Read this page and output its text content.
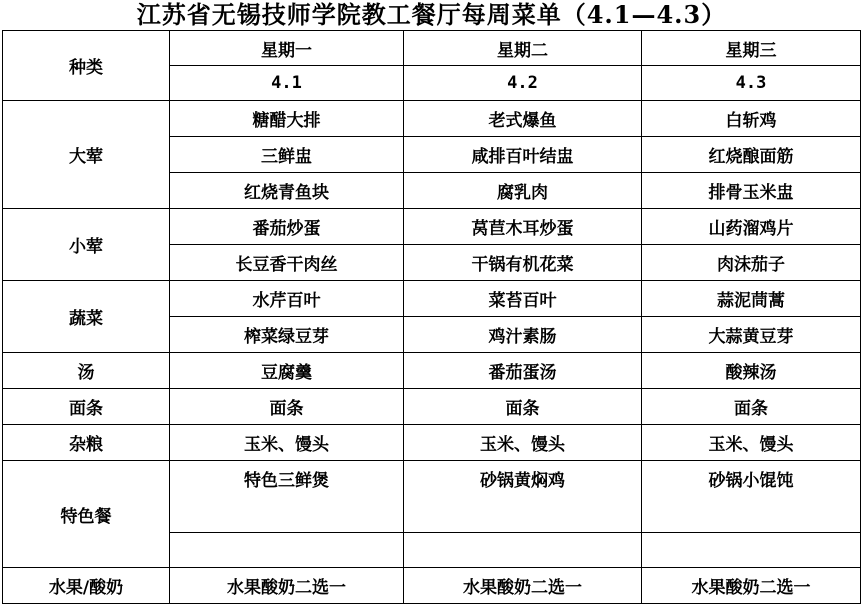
江苏省无锡技师学院教工餐厅每周菜单（4.1—4.3）
种类	星期一	星期二	星期三
	4.1	4.2	4.3
大荤	糖醋大排	老式爆鱼	白斩鸡
	三鲜盅	咸排百叶结盅	红烧酿面筋
	红烧青鱼块	腐乳肉	排骨玉米盅
小荤	番茄炒蛋	莴苣木耳炒蛋	山药溜鸡片
	长豆香干肉丝	干锅有机花菜	肉沫茄子
蔬菜	水芹百叶	菜苔百叶	蒜泥茼蒿
	榨菜绿豆芽	鸡汁素肠	大蒜黄豆芽
汤	豆腐羹	番茄蛋汤	酸辣汤
面条	面条	面条	面条
杂粮	玉米、馒头	玉米、馒头	玉米、馒头
特色餐	特色三鲜煲	砂锅黄焖鸡	砂锅小馄饨

水果/酸奶	水果酸奶二选一	水果酸奶二选一	水果酸奶二选一
